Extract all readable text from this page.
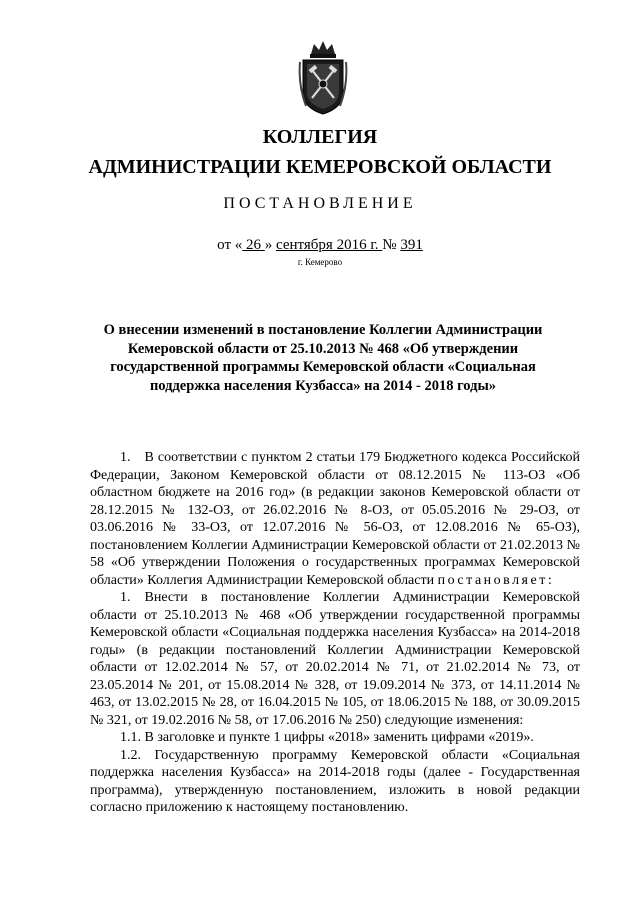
КОЛЛЕГИЯ
АДМИНИСТРАЦИИ КЕМЕРОВСКОЙ ОБЛАСТИ
ПОСТАНОВЛЕНИЕ
от « 26 » сентября 2016 г. № 391
г. Кемерово
О внесении изменений в постановление Коллегии Администрации Кемеровской области от 25.10.2013 № 468 «Об утверждении государственной программы Кемеровской области «Социальная поддержка населения Кузбасса» на 2014 - 2018 годы»

1. В соответствии с пунктом 2 статьи 179 Бюджетного кодекса Российской Федерации, Законом Кемеровской области от 08.12.2015 № 113-ОЗ «Об областном бюджете на 2016 год» (в редакции законов Кемеровской области от 28.12.2015 № 132-ОЗ, от 26.02.2016 № 8-ОЗ, от 05.05.2016 № 29-ОЗ, от 03.06.2016 № 33-ОЗ, от 12.07.2016 № 56-ОЗ, от 12.08.2016 № 65-ОЗ), постановлением Коллегии Администрации Кемеровской области от 21.02.2013 № 58 «Об утверждении Положения о государственных программах Кемеровской области» Коллегия Администрации Кемеровской области постановляет:

1. Внести в постановление Коллегии Администрации Кемеровской области от 25.10.2013 № 468 «Об утверждении государственной программы Кемеровской области «Социальная поддержка населения Кузбасса» на 2014-2018 годы» (в редакции постановлений Коллегии Администрации Кемеровской области от 12.02.2014 № 57, от 20.02.2014 № 71, от 21.02.2014 № 73, от 23.05.2014 № 201, от 15.08.2014 № 328, от 19.09.2014 № 373, от 14.11.2014 № 463, от 13.02.2015 № 28, от 16.04.2015 № 105, от 18.06.2015 № 188, от 30.09.2015 № 321, от 19.02.2016 № 58, от 17.06.2016 № 250) следующие изменения:

1.1. В заголовке и пункте 1 цифры «2018» заменить цифрами «2019».

1.2. Государственную программу Кемеровской области «Социальная поддержка населения Кузбасса» на 2014-2018 годы (далее - Государственная программа), утвержденную постановлением, изложить в новой редакции согласно приложению к настоящему постановлению.
